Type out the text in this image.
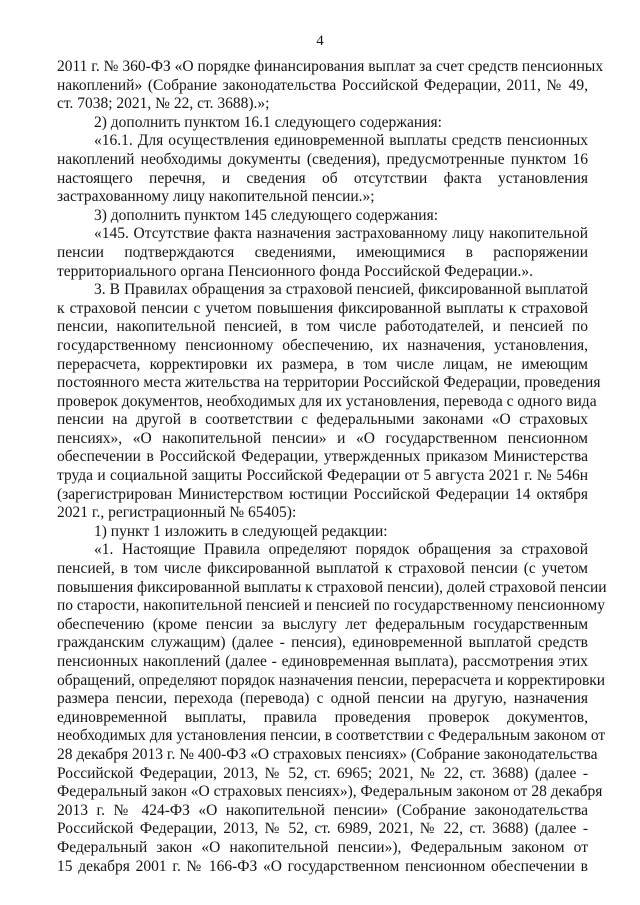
4
2011 г. № 360-ФЗ «О порядке финансирования выплат за счет средств пенсионных
накоплений» (Собрание законодательства Российской Федерации, 2011, № 49,
ст. 7038; 2021, № 22, ст. 3688).»;
2) дополнить пунктом 16.1 следующего содержания:
«16.1. Для осуществления единовременной выплаты средств пенсионных
накоплений необходимы документы (сведения), предусмотренные пунктом 16
настоящего перечня, и сведения об отсутствии факта установления
застрахованному лицу накопительной пенсии.»;
3) дополнить пунктом 145 следующего содержания:
«145. Отсутствие факта назначения застрахованному лицу накопительной
пенсии подтверждаются сведениями, имеющимися в распоряжении
территориального органа Пенсионного фонда Российской Федерации.».
3. В Правилах обращения за страховой пенсией, фиксированной выплатой
к страховой пенсии с учетом повышения фиксированной выплаты к страховой
пенсии, накопительной пенсией, в том числе работодателей, и пенсией по
государственному пенсионному обеспечению, их назначения, установления,
перерасчета, корректировки их размера, в том числе лицам, не имеющим
постоянного места жительства на территории Российской Федерации, проведения
проверок документов, необходимых для их установления, перевода с одного вида
пенсии на другой в соответствии с федеральными законами «О страховых
пенсиях», «О накопительной пенсии» и «О государственном пенсионном
обеспечении в Российской Федерации, утвержденных приказом Министерства
труда и социальной защиты Российской Федерации от 5 августа 2021 г. № 546н
(зарегистрирован Министерством юстиции Российской Федерации 14 октября
2021 г., регистрационный № 65405):
1) пункт 1 изложить в следующей редакции:
«1. Настоящие Правила определяют порядок обращения за страховой
пенсией, в том числе фиксированной выплатой к страховой пенсии (с учетом
повышения фиксированной выплаты к страховой пенсии), долей страховой пенсии
по старости, накопительной пенсией и пенсией по государственному пенсионному
обеспечению (кроме пенсии за выслугу лет федеральным государственным
гражданским служащим) (далее - пенсия), единовременной выплатой средств
пенсионных накоплений (далее - единовременная выплата), рассмотрения этих
обращений, определяют порядок назначения пенсии, перерасчета и корректировки
размера пенсии, перехода (перевода) с одной пенсии на другую, назначения
единовременной выплаты, правила проведения проверок документов,
необходимых для установления пенсии, в соответствии с Федеральным законом от
28 декабря 2013 г. № 400-ФЗ «О страховых пенсиях» (Собрание законодательства
Российской Федерации, 2013, № 52, ст. 6965; 2021, № 22, ст. 3688) (далее -
Федеральный закон «О страховых пенсиях»), Федеральным законом от 28 декабря
2013 г. № 424-ФЗ «О накопительной пенсии» (Собрание законодательства
Российской Федерации, 2013, № 52, ст. 6989, 2021, № 22, ст. 3688) (далее -
Федеральный закон «О накопительной пенсии»), Федеральным законом от
15 декабря 2001 г. № 166-ФЗ «О государственном пенсионном обеспечении в
